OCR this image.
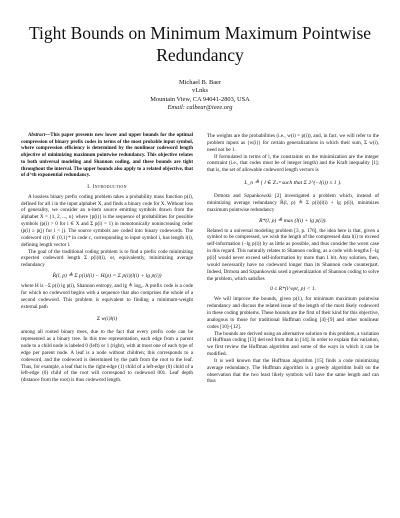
Tight Bounds on Minimum Maximum Pointwise Redundancy
Michael B. Baer
vLnks
Mountain View, CA 94041-2803, USA
Email: calbear@ieee.org

Abstract—This paper presents new lower and upper bounds for the optimal compression of binary prefix codes in terms of the most probable input symbol, where compression efficiency is determined by the nonlinear codeword length objective of minimizing maximum pointwise redundancy. This objective relates to both universal modeling and Shannon coding, and these bounds are tight throughout the interval. The upper bounds also apply to a related objective, that of d^th exponential redundancy.

I. Introduction

A lossless binary prefix coding problem takes a probability mass function p(i), defined for all i in the input alphabet X, and finds a binary code for X. Without loss of generality, we consider an n-item source emitting symbols drawn from the alphabet X = {1, 2, ..., n} where {p(i)} is the sequence of probabilities for possible symbols (p(i) > 0 for i ∈ X and Σ p(i) = 1) in monotonically nonincreasing order (p(i) ≥ p(j) for i < j). The source symbols are coded into binary codewords. The codeword c(i) ∈ {0,1}* in code c, corresponding to input symbol i, has length l(i), defining length vector l.

The goal of the traditional coding problem is to find a prefix code minimizing expected codeword length Σ p(i)l(i), or, equivalently, minimizing average redundancy

R̄(l, p) ≜ Σ p(i)l(i) − H(p) = Σ p(i)(l(i) + lg p(i))

where H is −Σ p(i) lg p(i), Shannon entropy, and lg ≜ log₂. A prefix code is a code for which no codeword begins with a sequence that also comprises the whole of a second codeword. This problem is equivalent to finding a minimum-weight external path

Σ w(i)l(i)

among all rooted binary trees, due to the fact that every prefix code can be represented as a binary tree. In this tree representation, each edge from a parent node to a child node is labeled 0 (left) or 1 (right), with at most one of each type of edge per parent node. A leaf is a node without children; this corresponds to a codeword, and the codeword is determined by the path from the root to the leaf. Thus, for example, a leaf that is the right-edge (1) child of a left-edge (0) child of a left-edge (0) child of the root will correspond to codeword 001. Leaf depth (distance from the root) is thus codeword length.

The weights are the probabilities (i.e., w(i) = p(i)), and, in fact, we will refer to the problem inputs as {w(i)} for certain generalizations in which their sum, Σ w(i), need not be 1.

If formulated in terms of l, the constraints on the minimization are the integer constraint (i.e., that codes must be of integer length) and the Kraft inequality [1]; that is, the set of allowable codeword length vectors is

L_n ≜ { l ∈ Z₊ⁿ such that Σ 2^(−l(i)) ≤ 1 }.

Drmota and Szpankowski [2] investigated a problem which, instead of minimizing average redundancy R̄(l, p) ≜ Σ p(i)(l(i) + lg p(i)), minimizes maximum pointwise redundancy

R*(l, p) ≜ max (l(i) + lg p(i)).

Related to a universal modeling problem [3, p. 176], the idea here is that, given a symbol to be compressed, we wish the length of the compressed data l(i) to exceed self-information (−lg p(i)) by as little as possible, and thus consider the worst case in this regard. This naturally relates to Shannon coding, as a code with lengths ⌈−lg p(i)⌉ would never exceed self-information by more than 1 bit. Any solution, then, would necessarily have no codeword longer than its Shannon code counterpart. Indeed, Drmota and Szpankowski used a generalization of Shannon coding to solve the problem, which satisfies

0 ≤ R*(l^opt, p) < 1.

We will improve the bounds, given p(1), for minimum maximum pointwise redundancy and discuss the related issue of the length of the most likely codeword in these coding problems. These bounds are the first of their kind for this objective, analogous to those for traditional Huffman coding [4]–[9] and other nonlinear codes [10]–[12].

The bounds are derived using an alternative solution to this problem, a variation of Huffman coding [13] derived from that in [14]. In order to explain this variation, we first review the Huffman algorithm and some of the ways in which it can be modified.

It is well known that the Huffman algorithm [15] finds a code minimizing average redundancy. The Huffman algorithm is a greedy algorithm built on the observation that the two least likely symbols will have the same length and can thus
